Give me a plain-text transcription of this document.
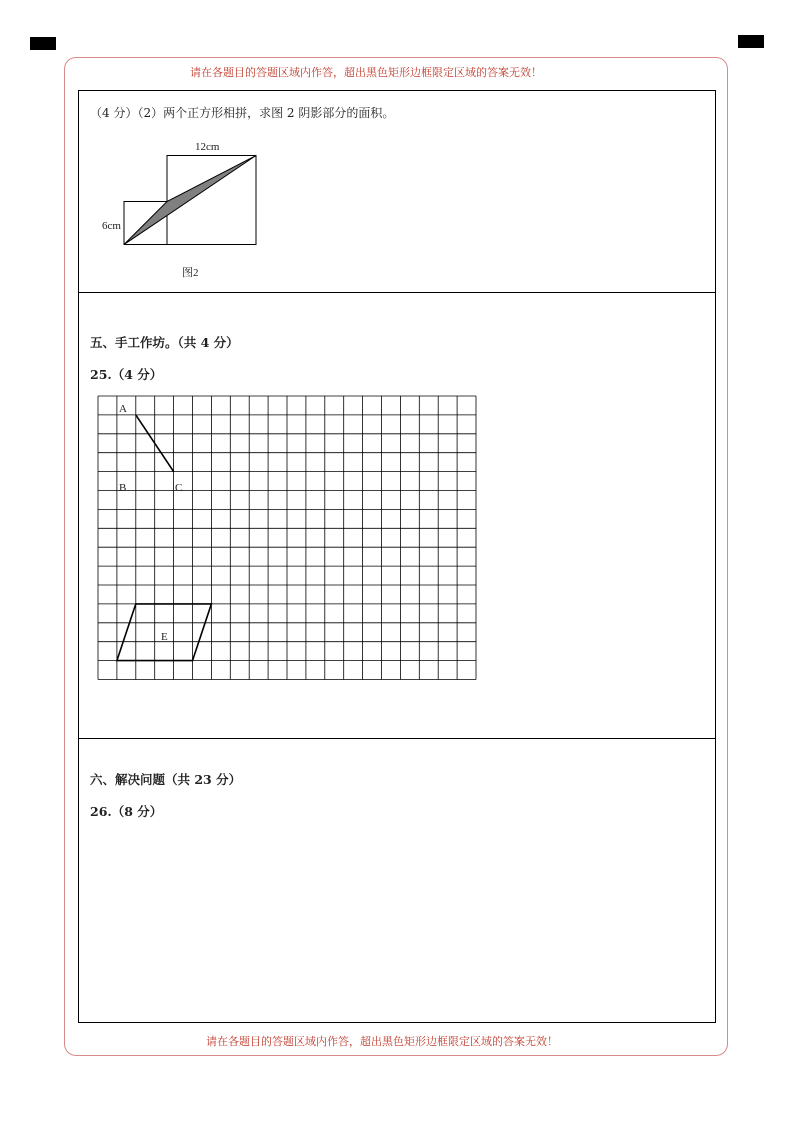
请在各题目的答题区域内作答，超出黑色矩形边框限定区域的答案无效！
请在各题目的答题区域内作答，超出黑色矩形边框限定区域的答案无效！
（4 分）（2）两个正方形相拼，求图 2 阴影部分的面积。
12cm
6cm
图2
五、手工作坊。（共 4 分）
25.（4 分）
A
B	C
E
六、解决问题（共 23 分）
26.（8 分）
